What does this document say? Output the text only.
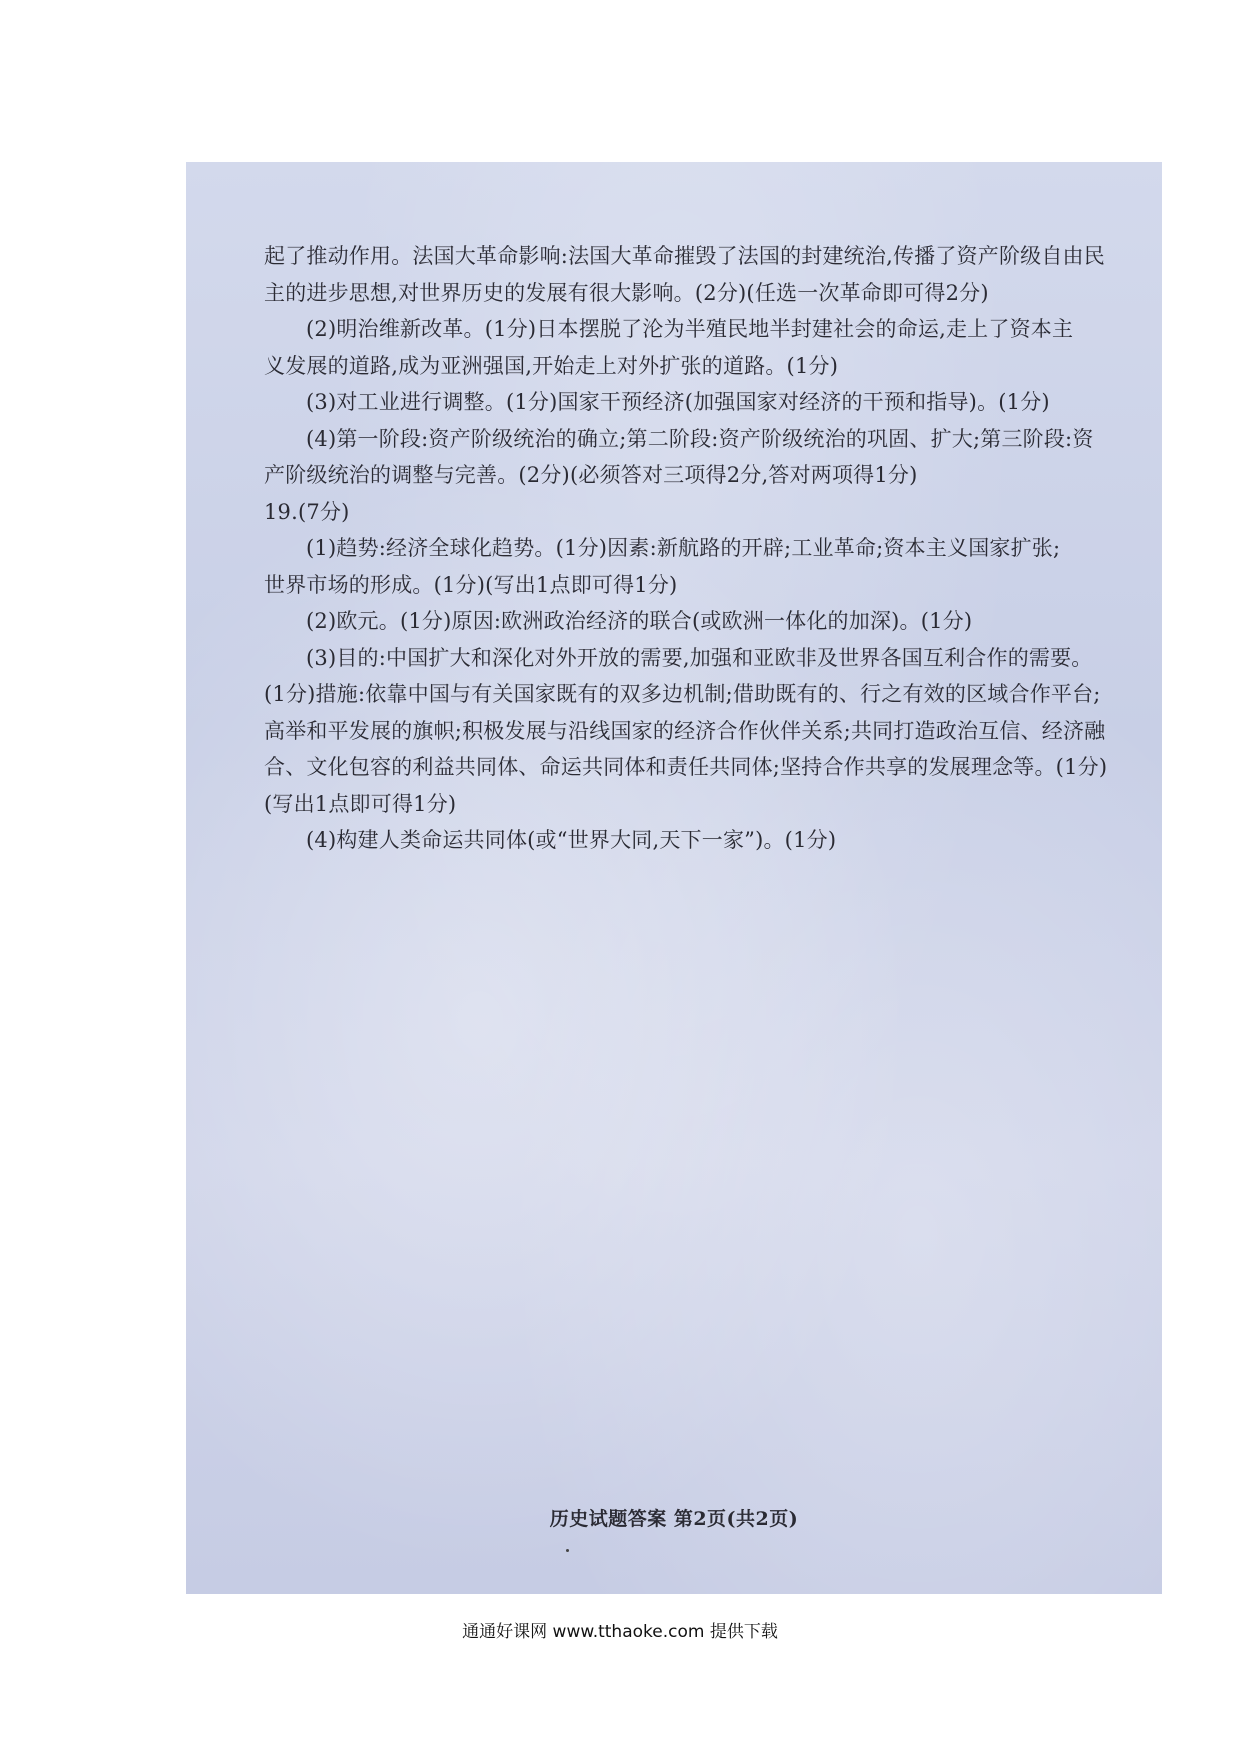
起了推动作用。法国大革命影响:法国大革命摧毁了法国的封建统治,传播了资产阶级自由民
主的进步思想,对世界历史的发展有很大影响。(2分)(任选一次革命即可得2分)
(2)明治维新改革。(1分)日本摆脱了沦为半殖民地半封建社会的命运,走上了资本主
义发展的道路,成为亚洲强国,开始走上对外扩张的道路。(1分)
(3)对工业进行调整。(1分)国家干预经济(加强国家对经济的干预和指导)。(1分)
(4)第一阶段:资产阶级统治的确立;第二阶段:资产阶级统治的巩固、扩大;第三阶段:资
产阶级统治的调整与完善。(2分)(必须答对三项得2分,答对两项得1分)
19.(7分)
(1)趋势:经济全球化趋势。(1分)因素:新航路的开辟;工业革命;资本主义国家扩张;
世界市场的形成。(1分)(写出1点即可得1分)
(2)欧元。(1分)原因:欧洲政治经济的联合(或欧洲一体化的加深)。(1分)
(3)目的:中国扩大和深化对外开放的需要,加强和亚欧非及世界各国互利合作的需要。
(1分)措施:依靠中国与有关国家既有的双多边机制;借助既有的、行之有效的区域合作平台;
高举和平发展的旗帜;积极发展与沿线国家的经济合作伙伴关系;共同打造政治互信、经济融
合、文化包容的利益共同体、命运共同体和责任共同体;坚持合作共享的发展理念等。(1分)
(写出1点即可得1分)
(4)构建人类命运共同体(或“世界大同,天下一家”)。(1分)
历史试题答案 第2页(共2页)
通通好课网 www.tthaoke.com 提供下载
